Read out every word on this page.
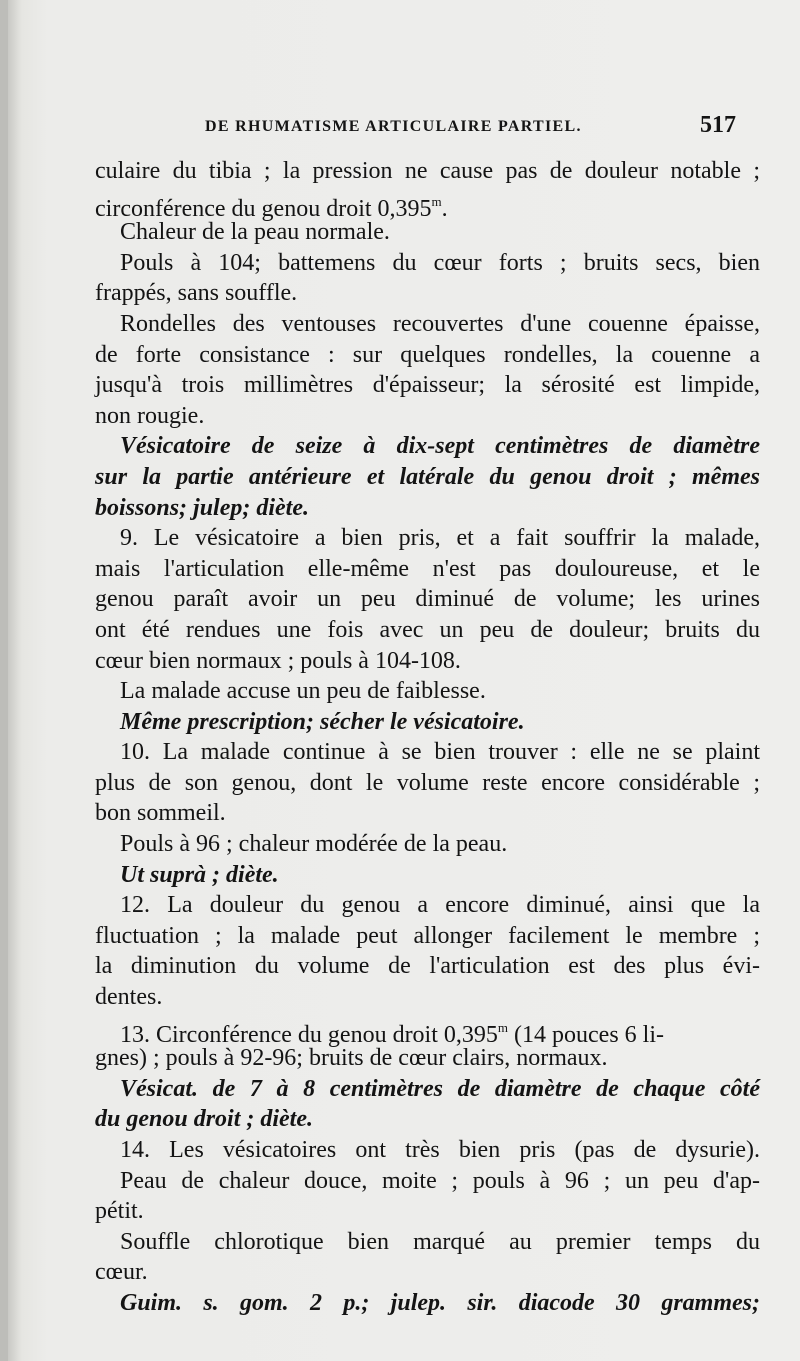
DE RHUMATISME ARTICULAIRE PARTIEL.	517
culaire du tibia ; la pression ne cause pas de douleur notable ;
circonférence du genou droit 0,395$^m$.
Chaleur de la peau normale.
Pouls à 104; battemens du cœur forts ; bruits secs, bien
frappés, sans souffle.
Rondelles des ventouses recouvertes d'une couenne épaisse,
de forte consistance : sur quelques rondelles, la couenne a
jusqu'à trois millimètres d'épaisseur; la sérosité est limpide,
non rougie.
Vésicatoire de seize à dix-sept centimètres de diamètre
sur la partie antérieure et latérale du genou droit ; mêmes
boissons; julep; diète.
9. Le vésicatoire a bien pris, et a fait souffrir la malade,
mais l'articulation elle-même n'est pas douloureuse, et le
genou paraît avoir un peu diminué de volume; les urines
ont été rendues une fois avec un peu de douleur; bruits du
cœur bien normaux ; pouls à 104-108.
La malade accuse un peu de faiblesse.
Même prescription; sécher le vésicatoire.
10. La malade continue à se bien trouver : elle ne se plaint
plus de son genou, dont le volume reste encore considérable ;
bon sommeil.
Pouls à 96 ; chaleur modérée de la peau.
Ut suprà ; diète.
12. La douleur du genou a encore diminué, ainsi que la
fluctuation ; la malade peut allonger facilement le membre ;
la diminution du volume de l'articulation est des plus évi-
dentes.
13. Circonférence du genou droit 0,395$^m$ (14 pouces 6 li-
gnes) ; pouls à 92-96; bruits de cœur clairs, normaux.
Vésicat. de 7 à 8 centimètres de diamètre de chaque côté
du genou droit ; diète.
14. Les vésicatoires ont très bien pris (pas de dysurie).
Peau de chaleur douce, moite ; pouls à 96 ; un peu d'ap-
pétit.
Souffle chlorotique bien marqué au premier temps du
cœur.
Guim. s. gom. 2 p.; julep. sir. diacode 30 grammes;
